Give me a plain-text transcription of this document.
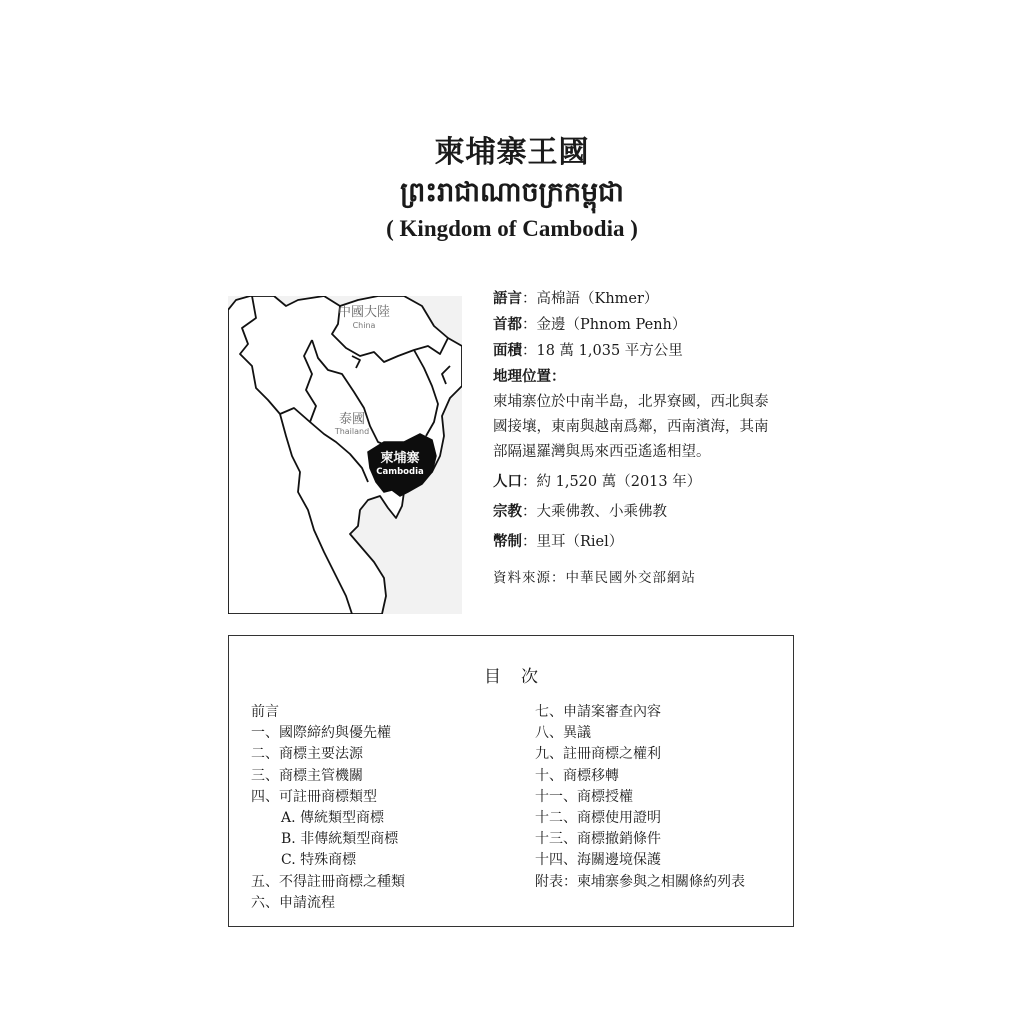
柬埔寨王國
ព្រះរាជាណាចក្រកម្ពុជា
( Kingdom of Cambodia )
中國大陸
China
泰國
Thailand
柬埔寨
Cambodia
語言：高棉語（Khmer）
首都：金邊（Phnom Penh）
面積：18 萬 1,035 平方公里
地理位置：
柬埔寨位於中南半島，北界寮國，西北與泰
國接壤，東南與越南爲鄰，西南濱海，其南
部隔暹羅灣與馬來西亞遙遙相望。
人口：約 1,520 萬（2013 年）
宗教：大乘佛教、小乘佛教
幣制：里耳（Riel）
資料來源：中華民國外交部網站
目次
前言
一、國際締約與優先權
二、商標主要法源
三、商標主管機關
四、可註冊商標類型
A. 傳統類型商標
B. 非傳統類型商標
C. 特殊商標
五、不得註冊商標之種類
六、申請流程
七、申請案審查內容
八、異議
九、註冊商標之權利
十、商標移轉
十一、商標授權
十二、商標使用證明
十三、商標撤銷條件
十四、海關邊境保護
附表：柬埔寨參與之相關條約列表
